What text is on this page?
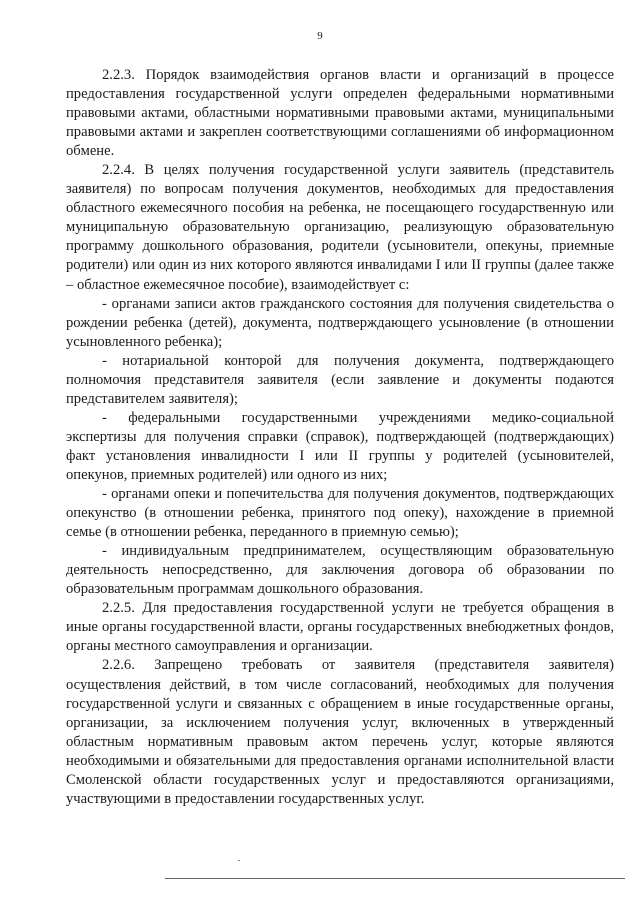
9

2.2.3. Порядок взаимодействия органов власти и организаций в процессе предоставления государственной услуги определен федеральными нормативными правовыми актами, областными нормативными правовыми актами, муниципальными правовыми актами и закреплен соответствующими соглашениями об информационном обмене.

2.2.4. В целях получения государственной услуги заявитель (представитель заявителя) по вопросам получения документов, необходимых для предоставления областного ежемесячного пособия на ребенка, не посещающего государственную или муниципальную образовательную организацию, реализующую образовательную программу дошкольного образования, родители (усыновители, опекуны, приемные родители) или один из них которого являются инвалидами I или II группы (далее также – областное ежемесячное пособие), взаимодействует с:

- органами записи актов гражданского состояния для получения свидетельства о рождении ребенка (детей), документа, подтверждающего усыновление (в отношении усыновленного ребенка);

- нотариальной конторой для получения документа, подтверждающего полномочия представителя заявителя (если заявление и документы подаются представителем заявителя);

- федеральными государственными учреждениями медико-социальной экспертизы для получения справки (справок), подтверждающей (подтверждающих) факт установления инвалидности I или II группы у родителей (усыновителей, опекунов, приемных родителей) или одного из них;

- органами опеки и попечительства для получения документов, подтверждающих опекунство (в отношении ребенка, принятого под опеку), нахождение в приемной семье (в отношении ребенка, переданного в приемную семью);

- индивидуальным предпринимателем, осуществляющим образовательную деятельность непосредственно, для заключения договора об образовании по образовательным программам дошкольного образования.

2.2.5. Для предоставления государственной услуги не требуется обращения в иные органы государственной власти, органы государственных внебюджетных фондов, органы местного самоуправления и организации.

2.2.6. Запрещено требовать от заявителя (представителя заявителя) осуществления действий, в том числе согласований, необходимых для получения государственной услуги и связанных с обращением в иные государственные органы, организации, за исключением получения услуг, включенных в утвержденный областным нормативным правовым актом перечень услуг, которые являются необходимыми и обязательными для предоставления органами исполнительной власти Смоленской области государственных услуг и предоставляются организациями, участвующими в предоставлении государственных услуг.
